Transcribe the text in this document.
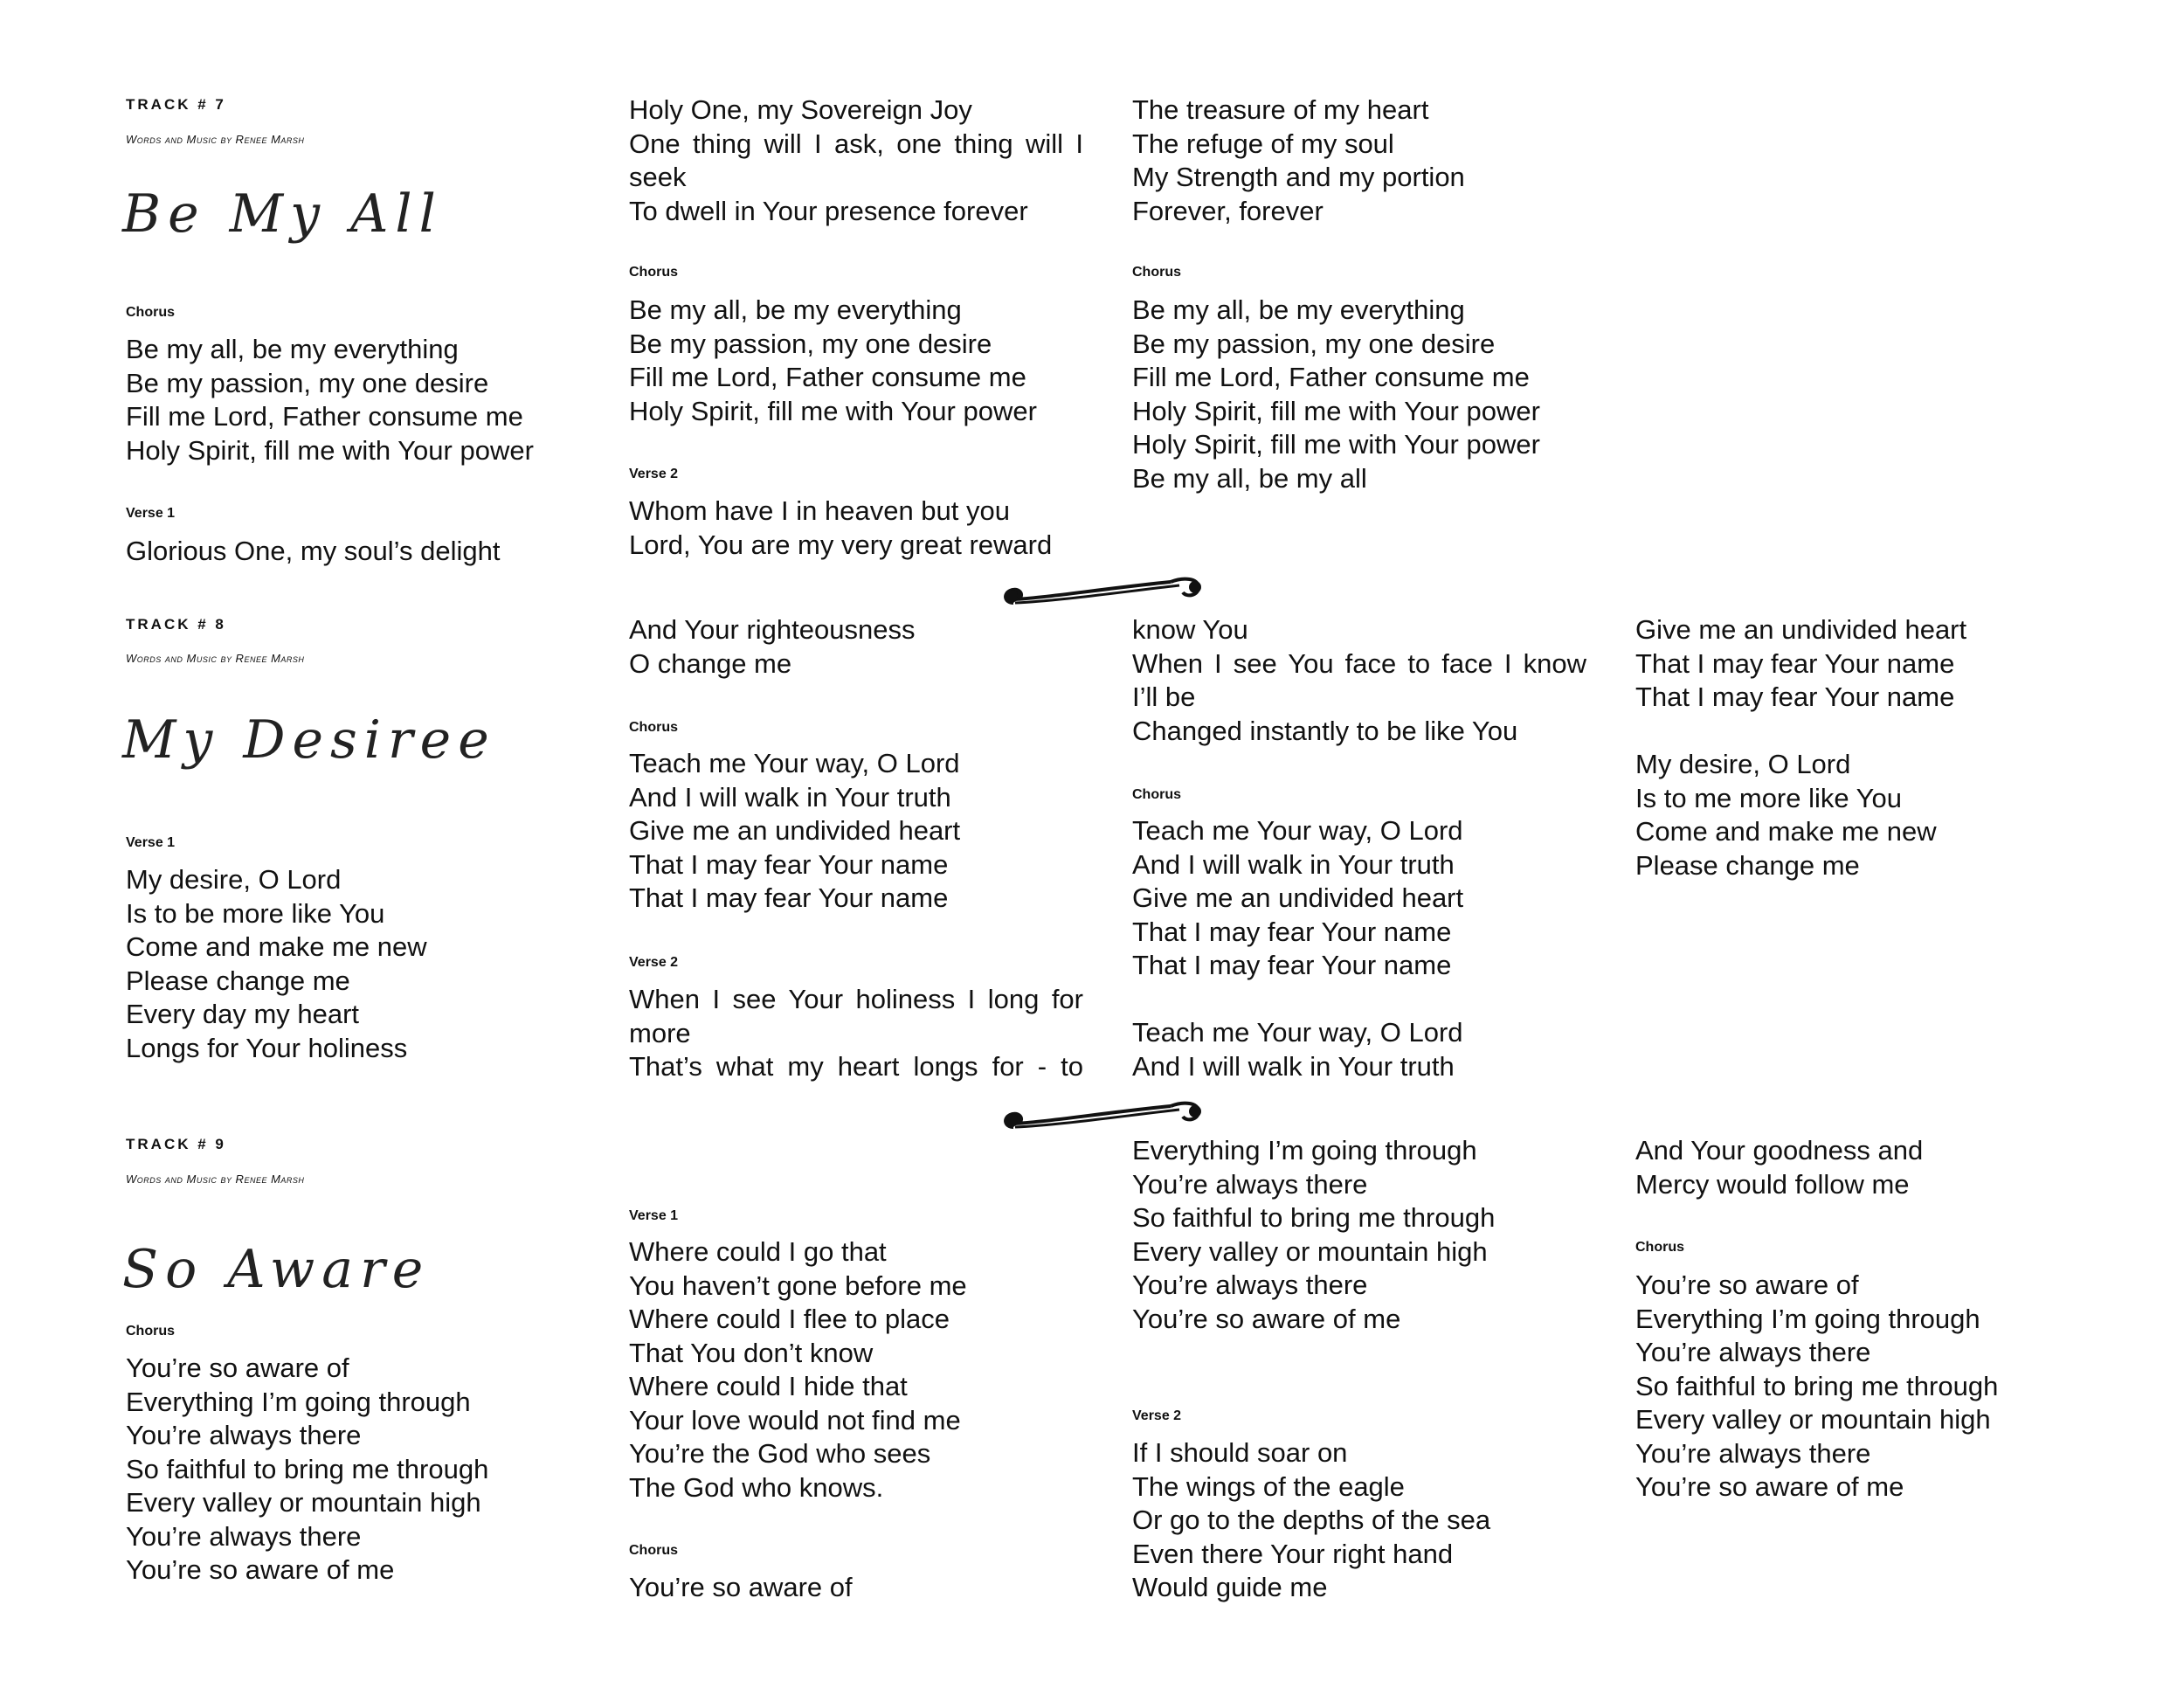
TRACK # 7
Words and Music by Renee Marsh
Be My All
Chorus
Be my all, be my everything
Be my passion, my one desire
Fill me Lord, Father consume me
Holy Spirit, fill me with Your power
Verse 1
Glorious One, my soul’s delight
Holy One, my Sovereign Joy
One thing will I ask, one thing will I
seek
To dwell in Your presence forever
Chorus
Be my all, be my everything
Be my passion, my one desire
Fill me Lord, Father consume me
Holy Spirit, fill me with Your power
Verse 2
Whom have I in heaven but you
Lord, You are my very great reward
The treasure of my heart
The refuge of my soul
My Strength and my portion
Forever, forever
Chorus
Be my all, be my everything
Be my passion, my one desire
Fill me Lord, Father consume me
Holy Spirit, fill me with Your power
Holy Spirit, fill me with Your power
Be my all, be my all
TRACK # 8
Words and Music by Renee Marsh
My Desiree
Verse 1
My desire, O Lord
Is to be more like You
Come and make me new
Please change me
Every day my heart
Longs for Your holiness
And Your righteousness
O change me
Chorus
Teach me Your way, O Lord
And I will walk in Your truth
Give me an undivided heart
That I may fear Your name
That I may fear Your name
Verse 2
When I see Your holiness I long for
more
That’s what my heart longs for - to
know You
When I see You face to face I know
I’ll be
Changed instantly to be like You
Chorus
Teach me Your way, O Lord
And I will walk in Your truth
Give me an undivided heart
That I may fear Your name
That I may fear Your name
Teach me Your way, O Lord
And I will walk in Your truth
Give me an undivided heart
That I may fear Your name
That I may fear Your name
My desire, O Lord
Is to me more like You
Come and make me new
Please change me
TRACK # 9
Words and Music by Renee Marsh
So Aware
Chorus
You’re so aware of
Everything I’m going through
You’re always there
So faithful to bring me through
Every valley or mountain high
You’re always there
You’re so aware of me
Verse 1
Where could I go that
You haven’t gone before me
Where could I flee to place
That You don’t know
Where could I hide that
Your love would not find me
You’re the God who sees
The God who knows.
Chorus
You’re so aware of
Everything I’m going through
You’re always there
So faithful to bring me through
Every valley or mountain high
You’re always there
You’re so aware of me
Verse 2
If I should soar on
The wings of the eagle
Or go to the depths of the sea
Even there Your right hand
Would guide me
And Your goodness and
Mercy would follow me
Chorus
You’re so aware of
Everything I’m going through
You’re always there
So faithful to bring me through
Every valley or mountain high
You’re always there
You’re so aware of me
